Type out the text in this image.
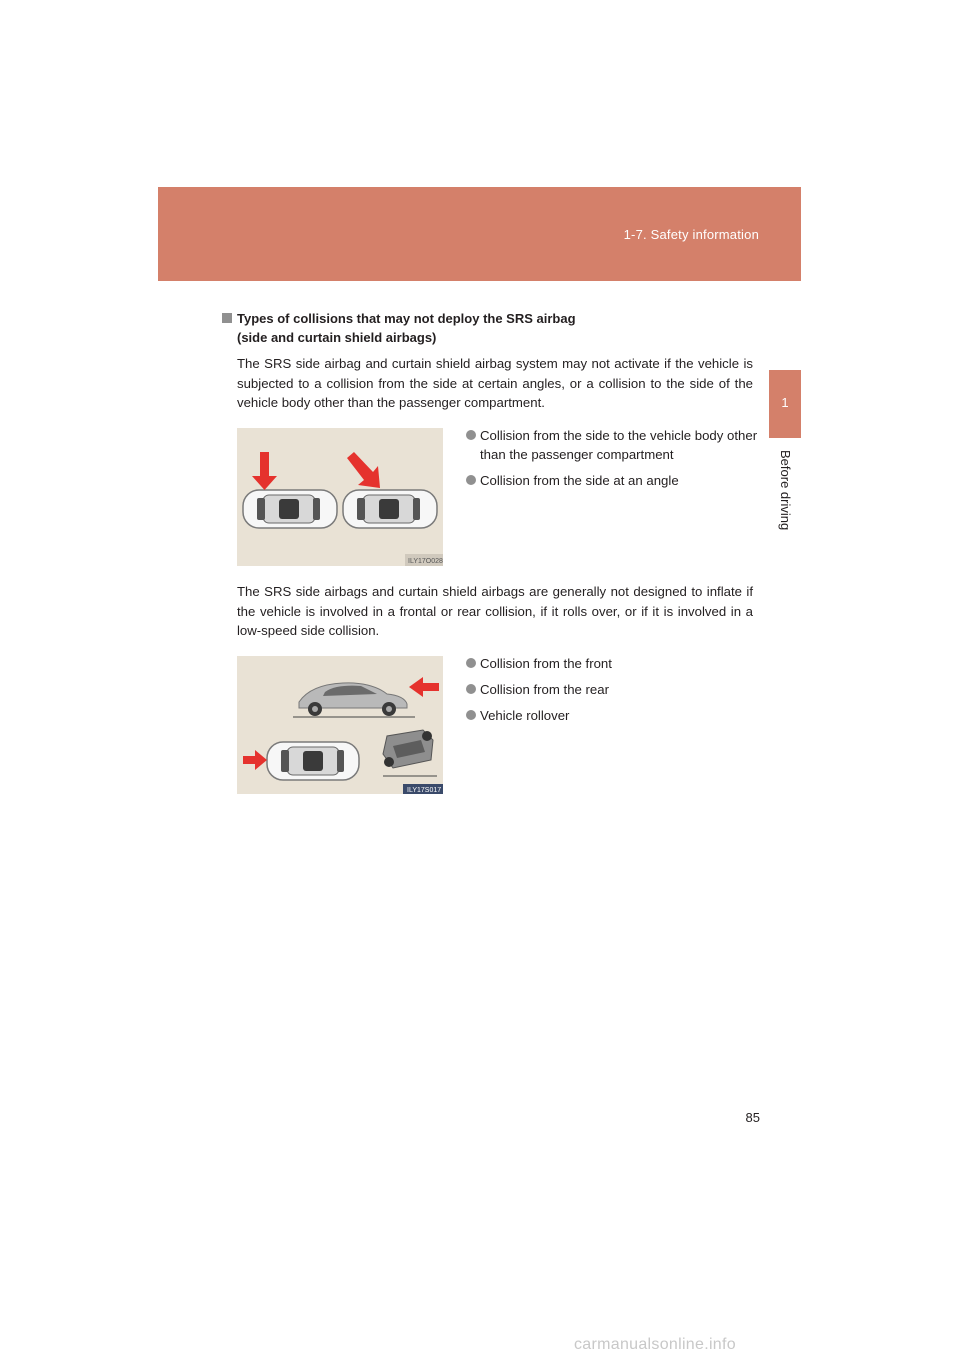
1-7. Safety information
1
Before driving
Types of collisions that may not deploy the SRS airbag
(side and curtain shield airbags)

The SRS side airbag and curtain shield airbag system may not activate if the vehicle is subjected to a collision from the side at certain angles, or a collision to the side of the vehicle body other than the passenger compartment.

ILY17O028
Collision from the side to the vehicle body other than the passenger compartment
Collision from the side at an angle

The SRS side airbags and curtain shield airbags are generally not designed to inflate if the vehicle is involved in a frontal or rear collision, if it rolls over, or if it is involved in a low-speed side collision.

ILY17S017
Collision from the front
Collision from the rear
Vehicle rollover
85
carmanualsonline.info
